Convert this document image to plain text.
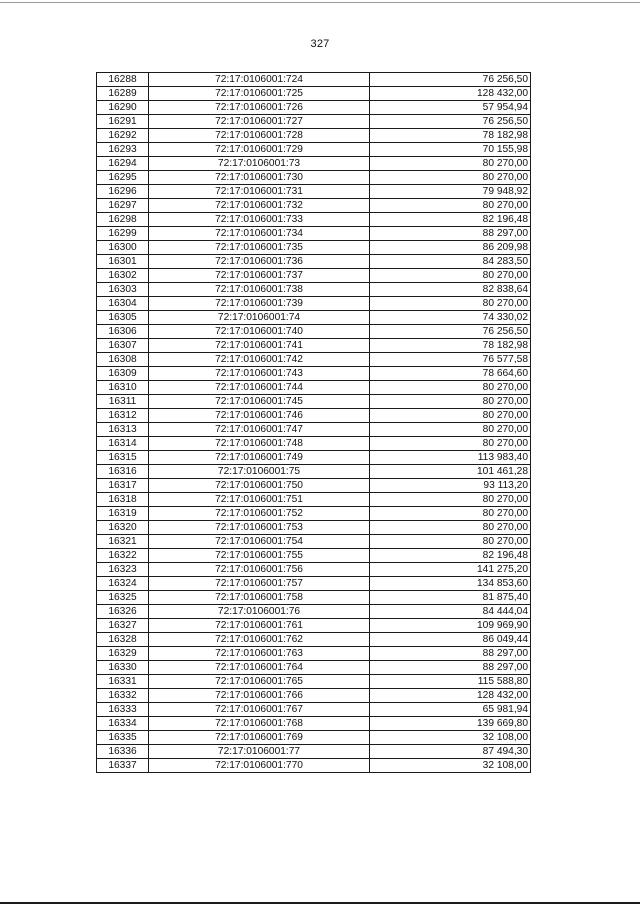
327
16288	72:17:0106001:724	76 256,50
16289	72:17:0106001:725	128 432,00
16290	72:17:0106001:726	57 954,94
16291	72:17:0106001:727	76 256,50
16292	72:17:0106001:728	78 182,98
16293	72:17:0106001:729	70 155,98
16294	72:17:0106001:73	80 270,00
16295	72:17:0106001:730	80 270,00
16296	72:17:0106001:731	79 948,92
16297	72:17:0106001:732	80 270,00
16298	72:17:0106001:733	82 196,48
16299	72:17:0106001:734	88 297,00
16300	72:17:0106001:735	86 209,98
16301	72:17:0106001:736	84 283,50
16302	72:17:0106001:737	80 270,00
16303	72:17:0106001:738	82 838,64
16304	72:17:0106001:739	80 270,00
16305	72:17:0106001:74	74 330,02
16306	72:17:0106001:740	76 256,50
16307	72:17:0106001:741	78 182,98
16308	72:17:0106001:742	76 577,58
16309	72:17:0106001:743	78 664,60
16310	72:17:0106001:744	80 270,00
16311	72:17:0106001:745	80 270,00
16312	72:17:0106001:746	80 270,00
16313	72:17:0106001:747	80 270,00
16314	72:17:0106001:748	80 270,00
16315	72:17:0106001:749	113 983,40
16316	72:17:0106001:75	101 461,28
16317	72:17:0106001:750	93 113,20
16318	72:17:0106001:751	80 270,00
16319	72:17:0106001:752	80 270,00
16320	72:17:0106001:753	80 270,00
16321	72:17:0106001:754	80 270,00
16322	72:17:0106001:755	82 196,48
16323	72:17:0106001:756	141 275,20
16324	72:17:0106001:757	134 853,60
16325	72:17:0106001:758	81 875,40
16326	72:17:0106001:76	84 444,04
16327	72:17:0106001:761	109 969,90
16328	72:17:0106001:762	86 049,44
16329	72:17:0106001:763	88 297,00
16330	72:17:0106001:764	88 297,00
16331	72:17:0106001:765	115 588,80
16332	72:17:0106001:766	128 432,00
16333	72:17:0106001:767	65 981,94
16334	72:17:0106001:768	139 669,80
16335	72:17:0106001:769	32 108,00
16336	72:17:0106001:77	87 494,30
16337	72:17:0106001:770	32 108,00
